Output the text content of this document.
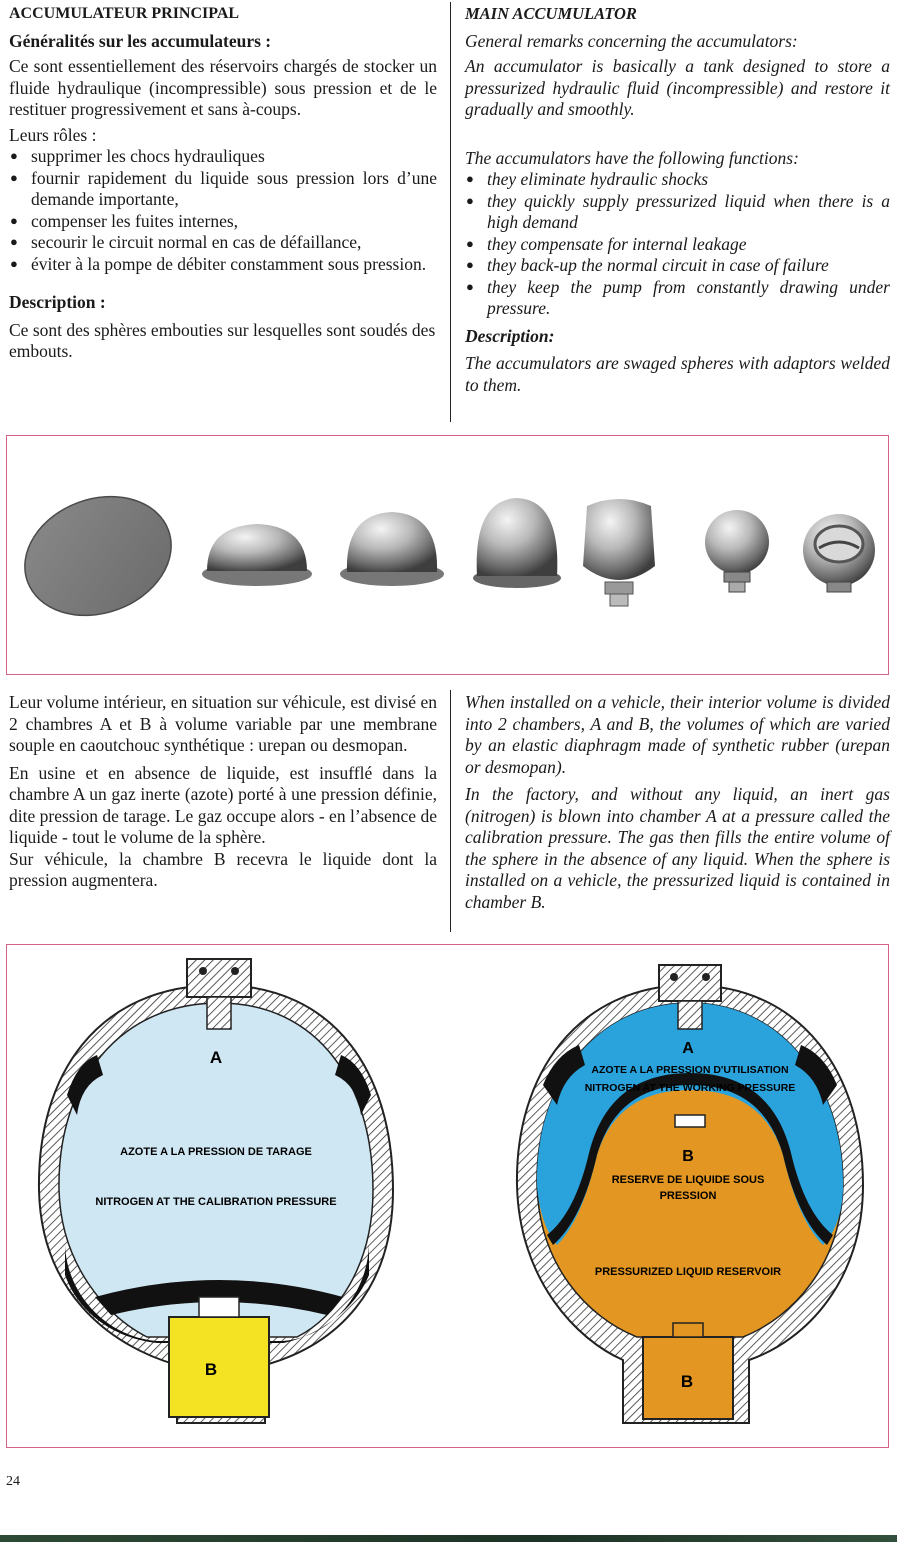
ACCUMULATEUR PRINCIPAL

Généralités sur les accumulateurs :

Ce sont essentiellement des réservoirs chargés de stocker un fluide hydraulique (incompressible) sous pression et de le restituer progressivement et sans à-coups.

Leurs rôles :

● supprimer les chocs hydrauliques
● fournir rapidement du liquide sous pression lors d’une demande importante,
● compenser les fuites internes,
● secourir le circuit normal en cas de défaillance,
● éviter à la pompe de débiter constamment sous pression.

Description :

Ce sont des sphères embouties sur lesquelles sont soudés des embouts.

MAIN ACCUMULATOR

General remarks concerning the accumulators:

An accumulator is basically a tank designed to store a pressurized hydraulic fluid (incompressible) and restore it gradually and smoothly.

The accumulators have the following functions:

● they eliminate hydraulic shocks
● they quickly supply pressurized liquid when there is a high demand
● they compensate for internal leakage
● they back-up the normal circuit in case of failure
● they keep the pump from constantly drawing under pressure.

Description:

The accumulators are swaged spheres with adaptors welded to them.

Leur volume intérieur, en situation sur véhicule, est divisé en 2 chambres A et B à volume variable par une membrane souple en caoutchouc synthétique : urepan ou desmopan.

En usine et en absence de liquide, est insufflé dans la chambre A un gaz inerte (azote) porté à une pression définie, dite pression de tarage. Le gaz occupe alors - en l’absence de liquide - tout le volume de la sphère.

Sur véhicule, la chambre B recevra le liquide dont la pression augmentera.

When installed on a vehicle, their interior volume is divided into 2 chambers, A and B, the volumes of which are varied by an elastic diaphragm made of synthetic rubber (urepan or desmopan).

In the factory, and without any liquid, an inert gas (nitrogen) is blown into chamber A at a pressure called the calibration pressure. The gas then fills the entire volume of the sphere in the absence of any liquid. When the sphere is installed on a vehicle, the pressurized liquid is contained in chamber B.

A
AZOTE A LA PRESSION DE TARAGE
NITROGEN AT THE CALIBRATION PRESSURE
B
A
AZOTE A LA PRESSION D'UTILISATION
NITROGEN AT THE WORKING PRESSURE
B
RESERVE DE LIQUIDE SOUS
PRESSION
PRESSURIZED LIQUID RESERVOIR
B
24
